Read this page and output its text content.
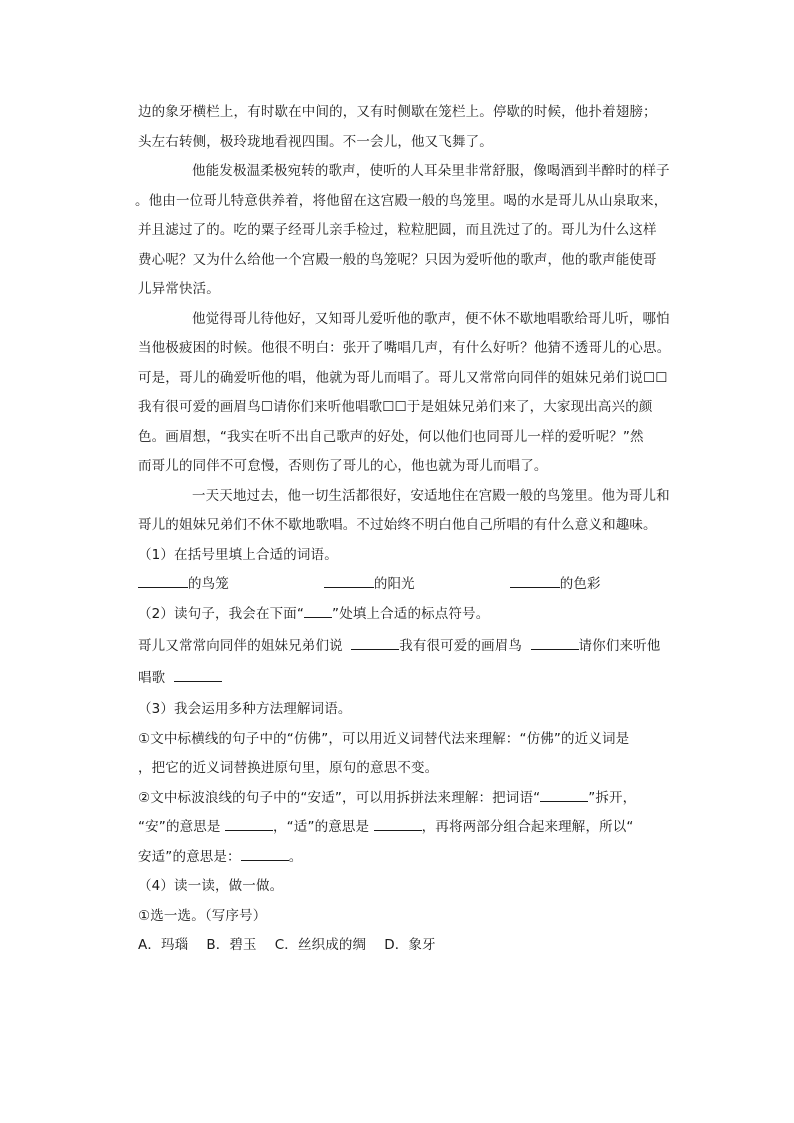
边的象牙横栏上，有时歇在中间的，又有时侧歇在笼栏上。停歇的时候，他扑着翅膀；
头左右转侧，极玲珑地看视四围。不一会儿，他又飞舞了。
他能发极温柔极宛转的歌声，使听的人耳朵里非常舒服，像喝酒到半醉时的样子
。他由一位哥儿特意供养着，将他留在这宫殿一般的鸟笼里。喝的水是哥儿从山泉取来，
并且滤过了的。吃的粟子经哥儿亲手检过，粒粒肥圆，而且洗过了的。哥儿为什么这样
费心呢？又为什么给他一个宫殿一般的鸟笼呢？只因为爱听他的歌声，他的歌声能使哥
儿异常快活。
他觉得哥儿待他好，又知哥儿爱听他的歌声，便不休不歇地唱歌给哥儿听，哪怕
当他极疲困的时候。他很不明白：张开了嘴唱几声，有什么好听？他猜不透哥儿的心思。
可是，哥儿的确爱听他的唱，他就为哥儿而唱了。哥儿又常常向同伴的姐妹兄弟们说☐☐
我有很可爱的画眉鸟☐请你们来听他唱歌☐☐于是姐妹兄弟们来了，大家现出高兴的颜
色。画眉想，“我实在听不出自己歌声的好处，何以他们也同哥儿一样的爱听呢？”然
而哥儿的同伴不可怠慢，否则伤了哥儿的心，他也就为哥儿而唱了。
一天天地过去，他一切生活都很好，安适地住在宫殿一般的鸟笼里。他为哥儿和
哥儿的姐妹兄弟们不休不歇地歌唱。不过始终不明白他自己所唱的有什么意义和趣味。
（1）在括号里填上合适的词语。
的鸟笼	的阳光	的色彩
（2）读句子，我会在下面“ ”处填上合适的标点符号。
哥儿又常常向同伴的姐妹兄弟们说	我有很可爱的画眉鸟	请你们来听他
唱歌
（3）我会运用多种方法理解词语。
①文中标横线的句子中的“仿佛”，可以用近义词替代法来理解：“仿佛”的近义词是
，把它的近义词替换进原句里，原句的意思不变。
②文中标波浪线的句子中的“安适”，可以用拆拼法来理解：把词语“	”拆开，
“安”的意思是	，“适”的意思是	，再将两部分组合起来理解，所以“
安适”的意思是：	。
（4）读一读，做一做。
①选一选。（写序号）
A．玛瑙 B．碧玉 C．丝织成的绸 D．象牙
